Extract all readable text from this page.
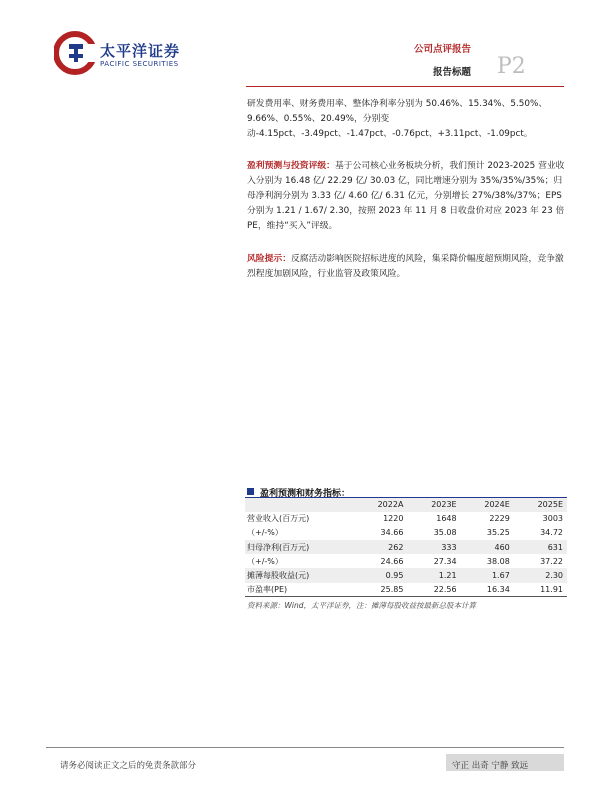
太平洋证券
PACIFIC SECURITIES
公司点评报告
报告标题 P2
研发费用率、财务费用率、整体净利率分别为 50.46%、15.34%、5.50%、9.66%、0.55%、20.49%，分别变动-4.15pct、-3.49pct、-1.47pct、-0.76pct、+3.11pct、-1.09pct。
盈利预测与投资评级：基于公司核心业务板块分析，我们预计 2023-2025 营业收入分别为 16.48 亿/ 22.29 亿/ 30.03 亿，同比增速分别为 35%/35%/35%；归母净利润分别为 3.33 亿/ 4.60 亿/ 6.31 亿元，分别增长 27%/38%/37%；EPS 分别为 1.21 / 1.67/ 2.30，按照 2023 年 11 月 8 日收盘价对应 2023 年 23 倍 PE，维持“买入”评级。
风险提示：反腐活动影响医院招标进度的风险，集采降价幅度超预期风险，竞争激烈程度加剧风险，行业监管及政策风险。
盈利预测和财务指标：
	2022A	2023E	2024E	2025E
营业收入(百万元)	1220	1648	2229	3003
（+/-%）	34.66	35.08	35.25	34.72
归母净利(百万元)	262	333	460	631
（+/-%）	24.66	27.34	38.08	37.22
摊薄每股收益(元)	0.95	1.21	1.67	2.30
市盈率(PE)	25.85	22.56	16.34	11.91
资料来源：Wind，太平洋证券，注：摊薄每股收益按最新总股本计算
请务必阅读正文之后的免责条款部分	守正 出奇 宁静 致远
